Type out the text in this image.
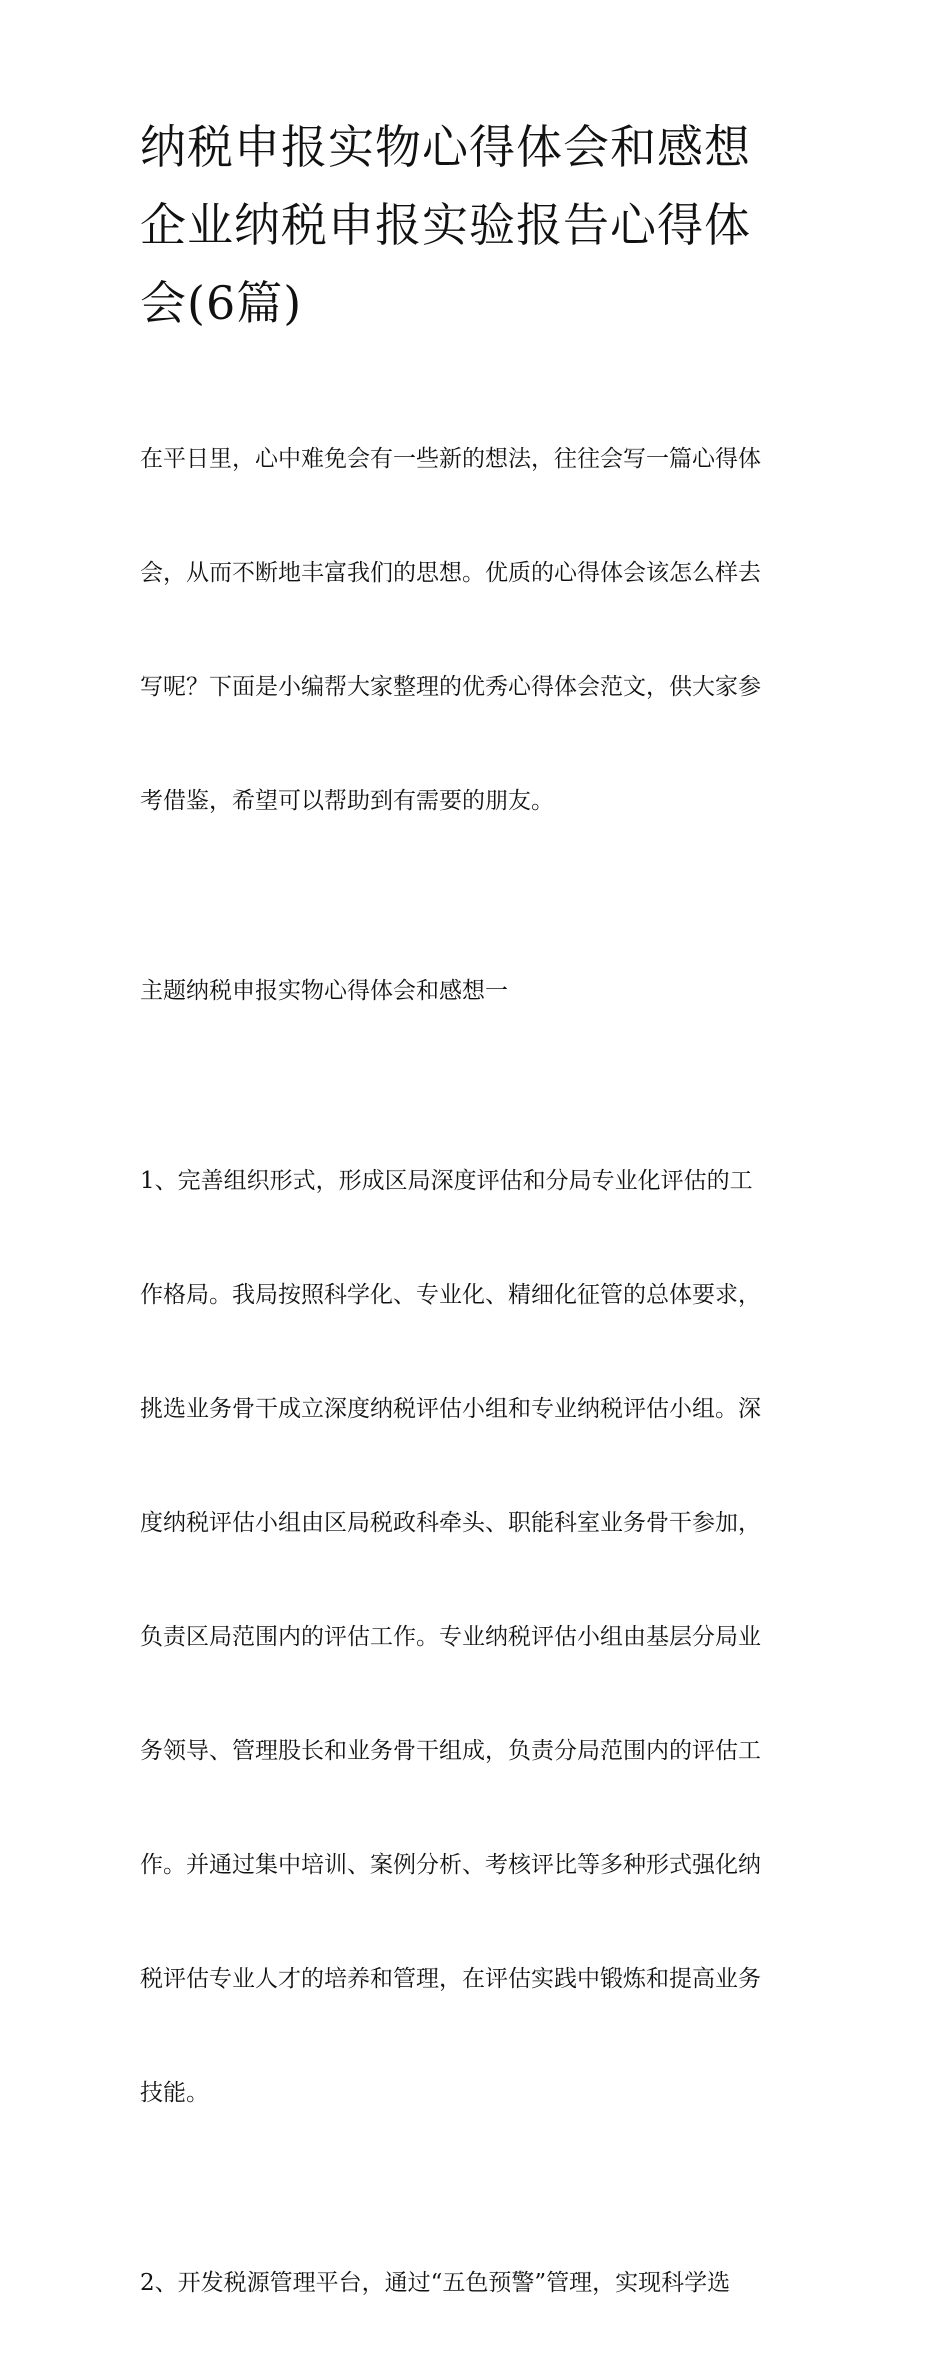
纳税申报实物心得体会和感想
企业纳税申报实验报告心得体
会(6篇)

在平日里，心中难免会有一些新的想法，往往会写一篇心得体

会，从而不断地丰富我们的思想。优质的心得体会该怎么样去

写呢？下面是小编帮大家整理的优秀心得体会范文，供大家参

考借鉴，希望可以帮助到有需要的朋友。

主题纳税申报实物心得体会和感想一

1、完善组织形式，形成区局深度评估和分局专业化评估的工

作格局。我局按照科学化、专业化、精细化征管的总体要求，

挑选业务骨干成立深度纳税评估小组和专业纳税评估小组。深

度纳税评估小组由区局税政科牵头、职能科室业务骨干参加，

负责区局范围内的评估工作。专业纳税评估小组由基层分局业

务领导、管理股长和业务骨干组成，负责分局范围内的评估工

作。并通过集中培训、案例分析、考核评比等多种形式强化纳

税评估专业人才的培养和管理，在评估实践中锻炼和提高业务

技能。

2、开发税源管理平台，通过“五色预警”管理，实现科学选
